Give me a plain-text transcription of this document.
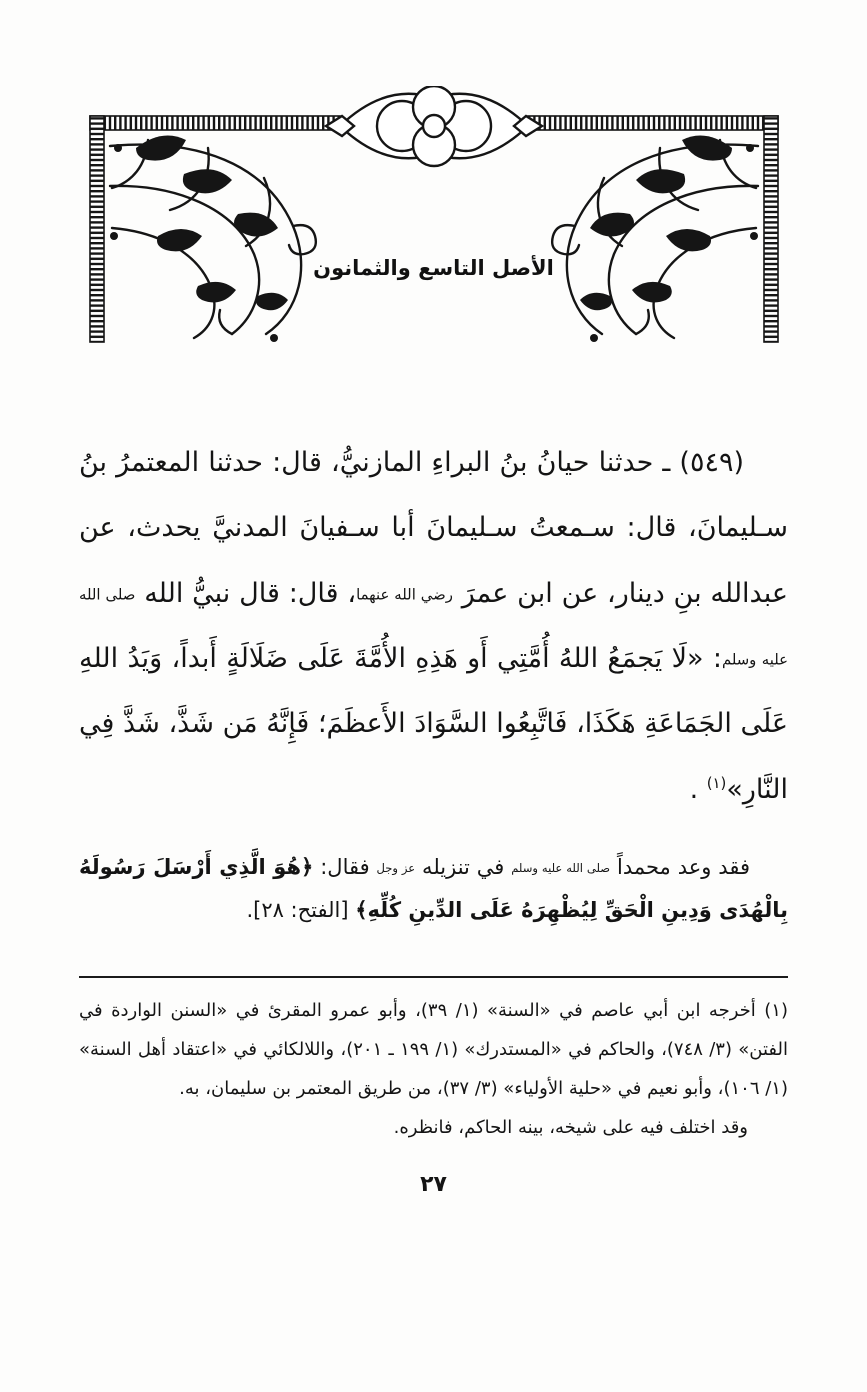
الأصل التاسع والثمانون

(٥٤٩) ـ حدثنا حيانُ بنُ البراءِ المازنيُّ، قال: حدثنا المعتمرُ بنُ سـليمانَ، قال: سـمعتُ سـليمانَ أبا سـفيانَ المدنيَّ يحدث، عن عبدالله بنِ دينار، عن ابن عمرَ رضي الله عنهما، قال: قال نبيُّ الله صلى الله عليه وسلم: «لَا يَجمَعُ اللهُ أُمَّتِي أَو هَذِهِ الأُمَّةَ عَلَى ضَلَالَةٍ أَبداً، وَيَدُ اللهِ عَلَى الجَمَاعَةِ هَكَذَا، فَاتَّبِعُوا السَّوَادَ الأَعظَمَ؛ فَإِنَّهُ مَن شَذَّ، شَذَّ فِي النَّارِ»$^{(١)}$ .

فقد وعد محمداً صلى الله عليه وسلم في تنزيله عز وجل فقال: ﴿هُوَ الَّذِي أَرْسَلَ رَسُولَهُ بِالْهُدَى وَدِينِ الْحَقِّ لِيُظْهِرَهُ عَلَى الدِّينِ كُلِّهِ﴾ [الفتح: ٢٨].

(١) أخرجه ابن أبي عاصم في «السنة» (١/ ٣٩)، وأبو عمرو المقرئ في «السنن الواردة في الفتن» (٣/ ٧٤٨)، والحاكم في «المستدرك» (١/ ١٩٩ ـ ٢٠١)، واللالكائي في «اعتقاد أهل السنة» (١/ ١٠٦)، وأبو نعيم في «حلية الأولياء» (٣/ ٣٧)، من طريق المعتمر بن سليمان، به.

وقد اختلف فيه على شيخه، بينه الحاكم، فانظره.

٢٧
